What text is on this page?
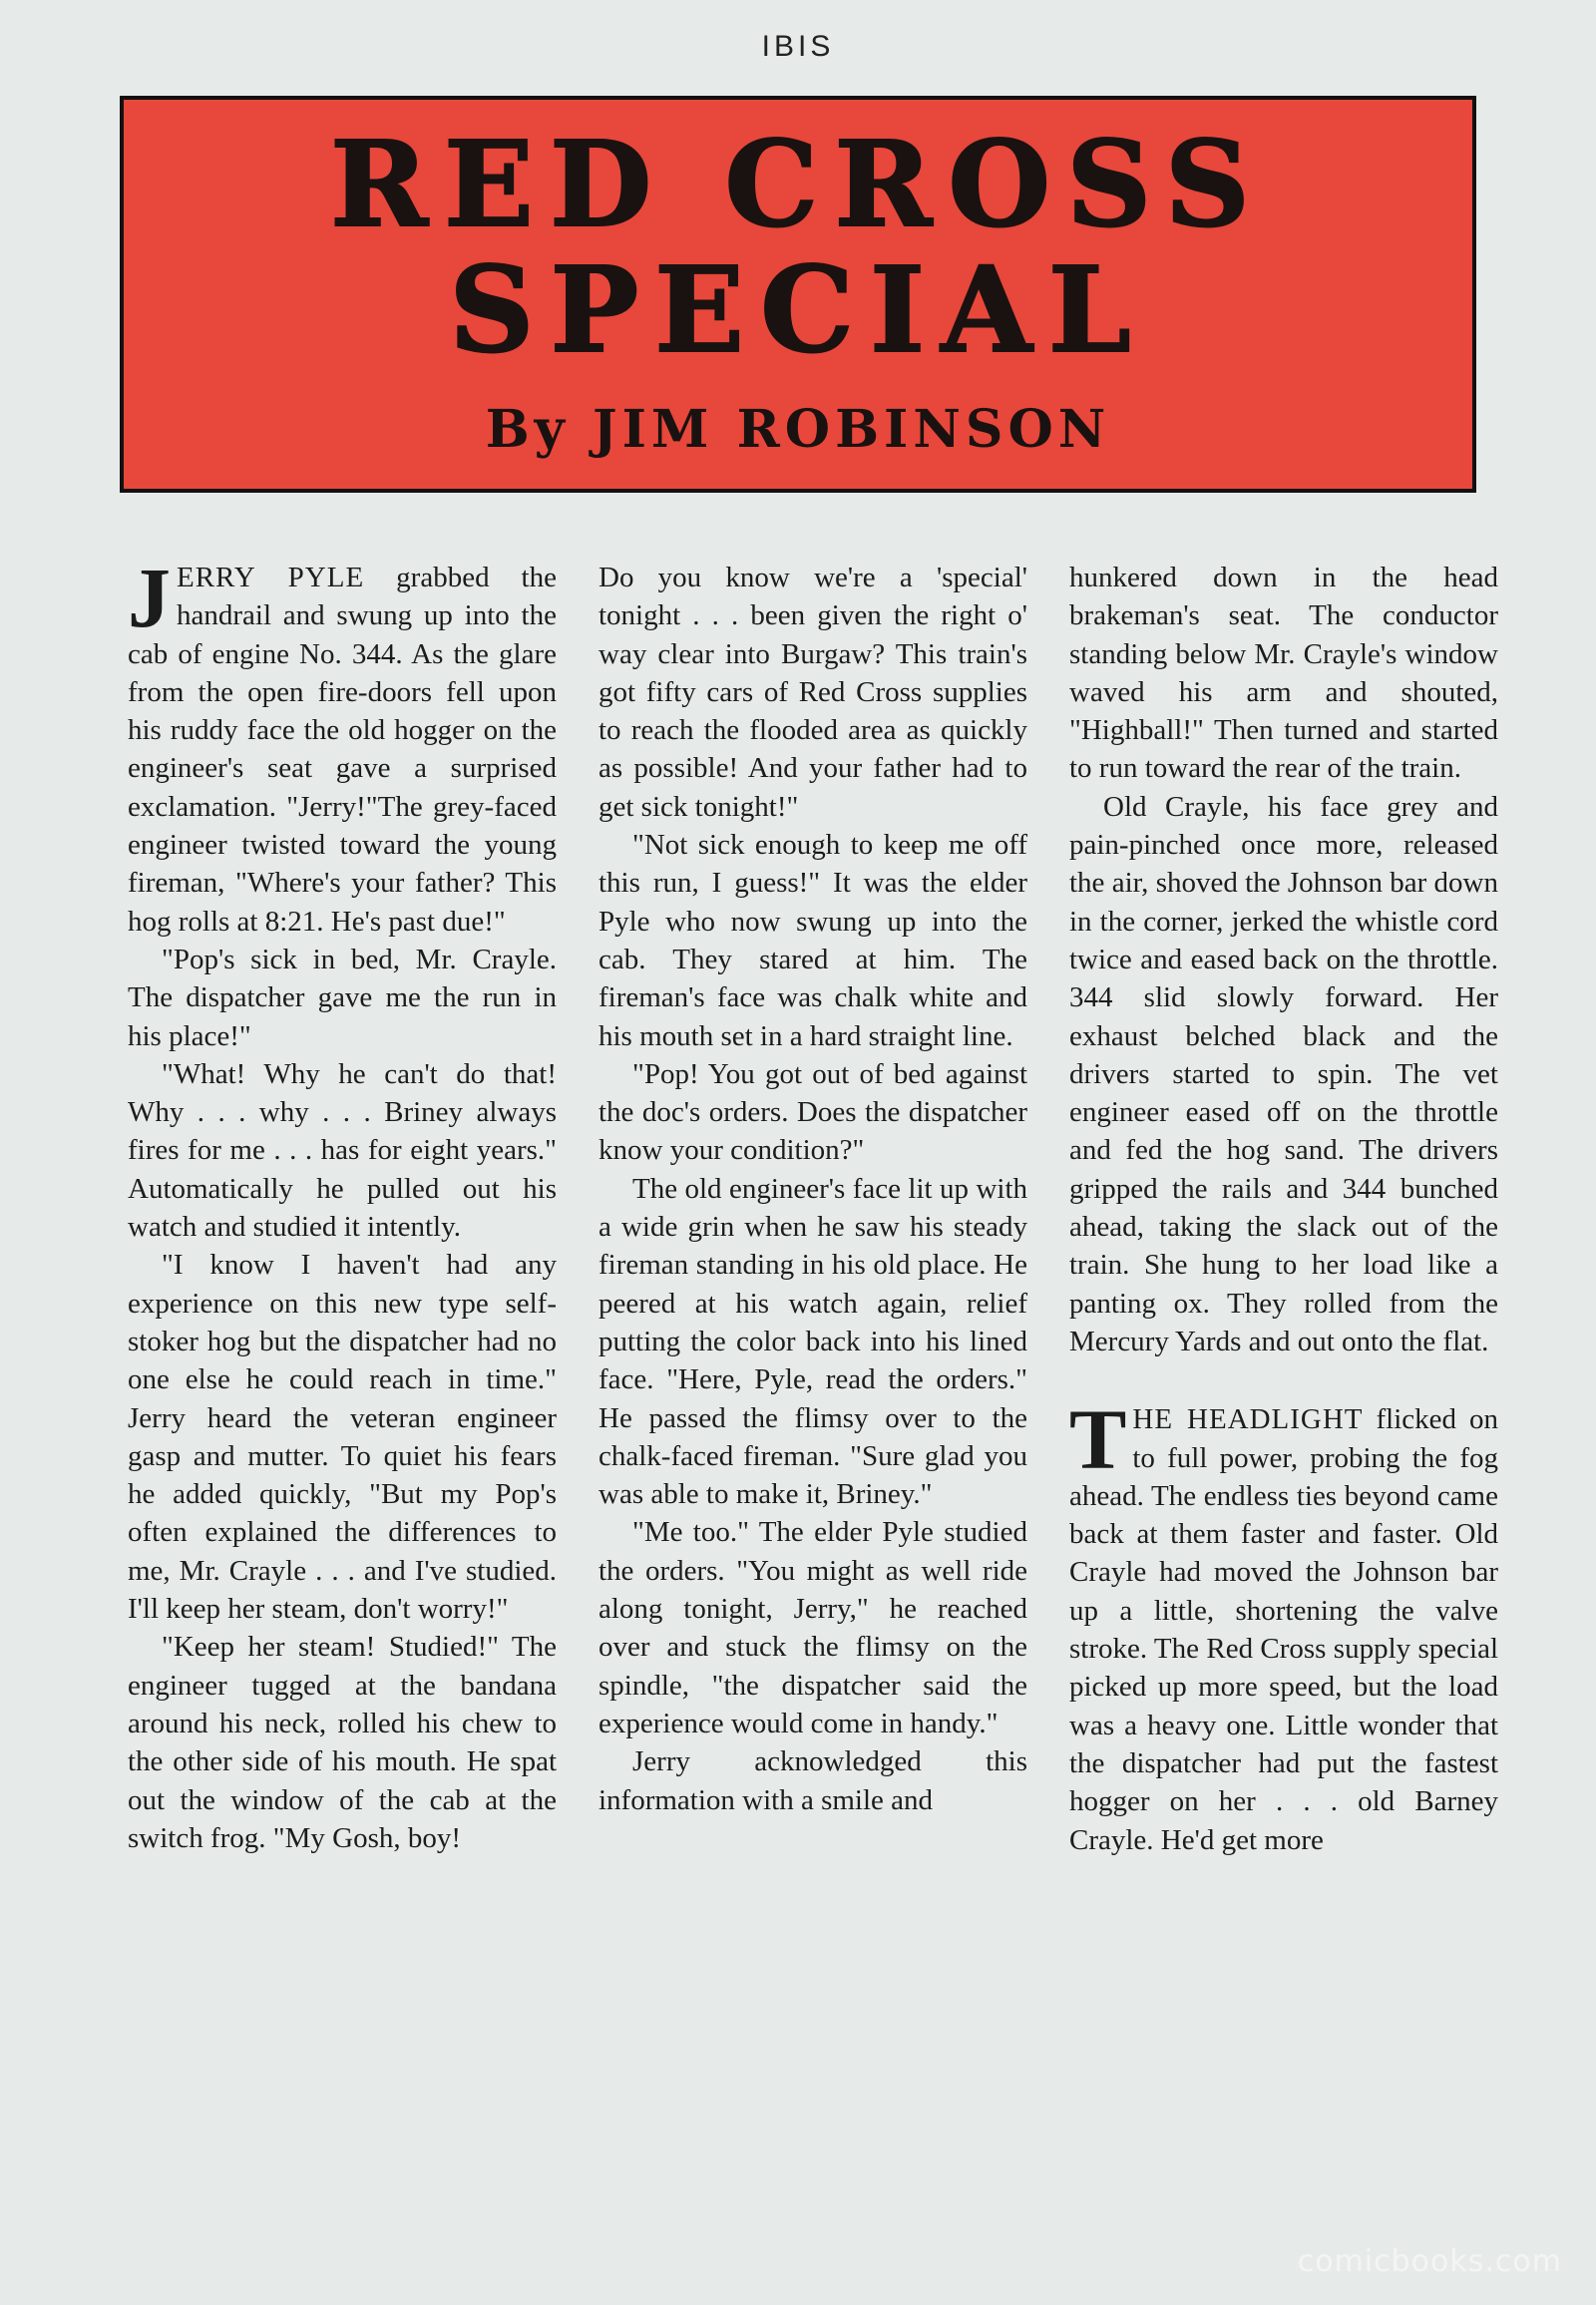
IBIS
RED CROSS
SPECIAL
By JIM ROBINSON

JERRY PYLE grabbed the handrail and swung up into the cab of engine No. 344. As the glare from the open fire-doors fell upon his ruddy face the old hogger on the engineer's seat gave a surprised exclamation. "Jerry!"The grey-faced engineer twisted toward the young fireman, "Where's your father? This hog rolls at 8:21. He's past due!"

"Pop's sick in bed, Mr. Crayle. The dispatcher gave me the run in his place!"

"What! Why he can't do that! Why . . . why . . . Briney always fires for me . . . has for eight years." Automatically he pulled out his watch and studied it intently.

"I know I haven't had any experience on this new type self-stoker hog but the dispatcher had no one else he could reach in time." Jerry heard the veteran engineer gasp and mutter. To quiet his fears he added quickly, "But my Pop's often explained the differences to me, Mr. Crayle . . . and I've studied. I'll keep her steam, don't worry!"

"Keep her steam! Studied!" The engineer tugged at the bandana around his neck, rolled his chew to the other side of his mouth. He spat out the window of the cab at the switch frog. "My Gosh, boy!

Do you know we're a 'special' tonight . . . been given the right o' way clear into Burgaw? This train's got fifty cars of Red Cross supplies to reach the flooded area as quickly as possible! And your father had to get sick tonight!"

"Not sick enough to keep me off this run, I guess!" It was the elder Pyle who now swung up into the cab. They stared at him. The fireman's face was chalk white and his mouth set in a hard straight line.

"Pop! You got out of bed against the doc's orders. Does the dispatcher know your condition?"

The old engineer's face lit up with a wide grin when he saw his steady fireman standing in his old place. He peered at his watch again, relief putting the color back into his lined face. "Here, Pyle, read the orders." He passed the flimsy over to the chalk-faced fireman. "Sure glad you was able to make it, Briney."

"Me too." The elder Pyle studied the orders. "You might as well ride along tonight, Jerry," he reached over and stuck the flimsy on the spindle, "the dispatcher said the experience would come in handy."

Jerry acknowledged this information with a smile and

hunkered down in the head brakeman's seat. The conductor standing below Mr. Crayle's window waved his arm and shouted, "Highball!" Then turned and started to run toward the rear of the train.

Old Crayle, his face grey and pain-pinched once more, released the air, shoved the Johnson bar down in the corner, jerked the whistle cord twice and eased back on the throttle. 344 slid slowly forward. Her exhaust belched black and the drivers started to spin. The vet engineer eased off on the throttle and fed the hog sand. The drivers gripped the rails and 344 bunched ahead, taking the slack out of the train. She hung to her load like a panting ox. They rolled from the Mercury Yards and out onto the flat.

THE HEADLIGHT flicked on to full power, probing the fog ahead. The endless ties beyond came back at them faster and faster. Old Crayle had moved the Johnson bar up a little, shortening the valve stroke. The Red Cross supply special picked up more speed, but the load was a heavy one. Little wonder that the dispatcher had put the fastest hogger on her . . . old Barney Crayle. He'd get more

comicbooks.com
